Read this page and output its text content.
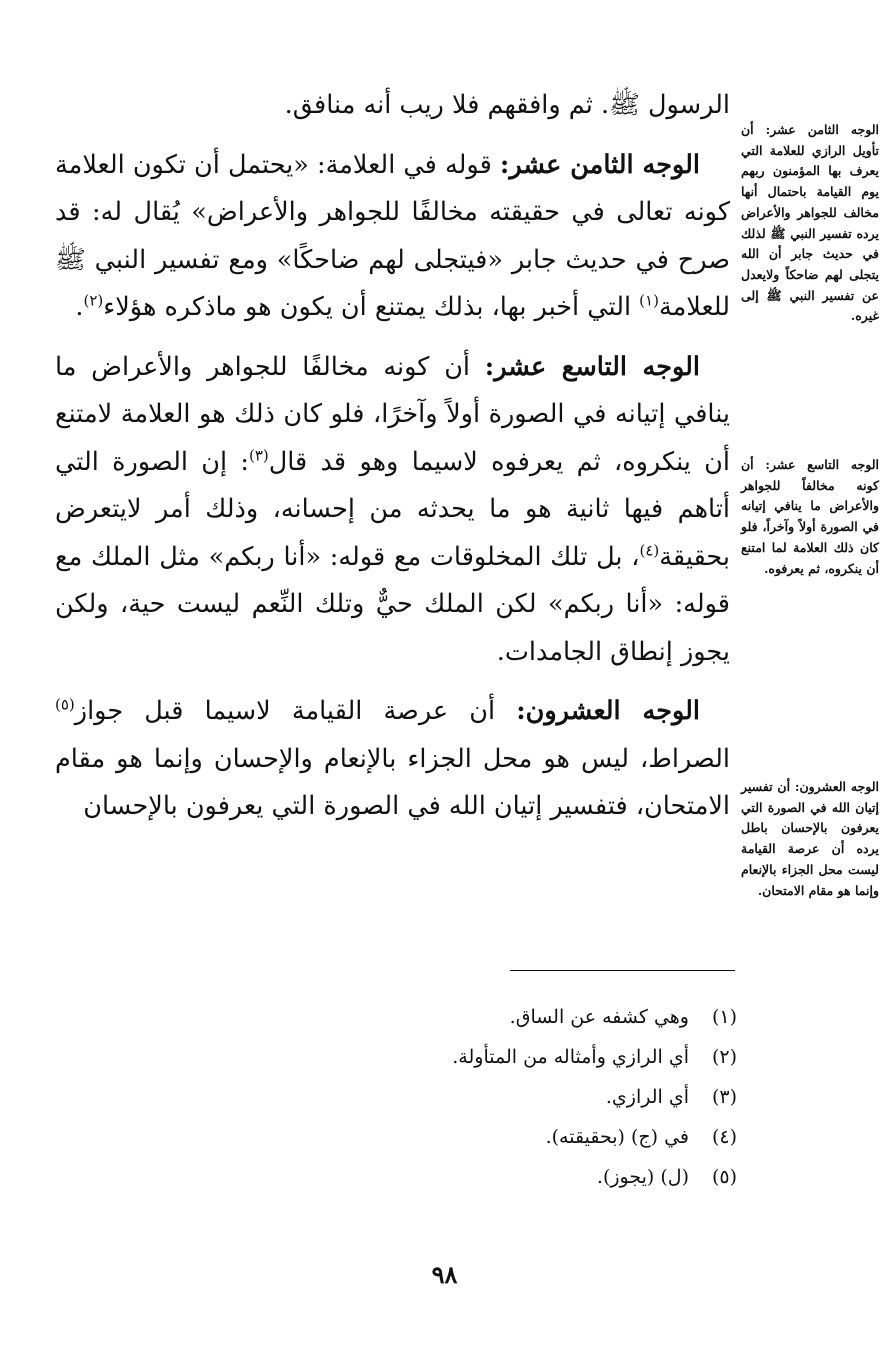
الرسول ﷺ. ثم وافقهم فلا ريب أنه منافق.

الوجه الثامن عشر: قوله في العلامة: «يحتمل أن تكون العلامة كونه تعالى في حقيقته مخالفًا للجواهر والأعراض» يُقال له: قد صرح في حديث جابر «فيتجلى لهم ضاحكًا» ومع تفسير النبي ﷺ للعلامة$^{(١)}$ التي أخبر بها، بذلك يمتنع أن يكون هو ماذكره هؤلاء$^{(٢)}$.

الوجه التاسع عشر: أن كونه مخالفًا للجواهر والأعراض ما ينافي إتيانه في الصورة أولاً وآخرًا، فلو كان ذلك هو العلامة لامتنع أن ينكروه، ثم يعرفوه لاسيما وهو قد قال$^{(٣)}$: إن الصورة التي أتاهم فيها ثانية هو ما يحدثه من إحسانه، وذلك أمر لايتعرض بحقيقة$^{(٤)}$، بل تلك المخلوقات مع قوله: «أنا ربكم» مثل الملك مع قوله: «أنا ربكم» لكن الملك حيٌّ وتلك النِّعم ليست حية، ولكن يجوز إنطاق الجامدات.

الوجه العشرون: أن عرصة القيامة لاسيما قبل جواز$^{(٥)}$ الصراط، ليس هو محل الجزاء بالإنعام والإحسان وإنما هو مقام الامتحان، فتفسير إتيان الله في الصورة التي يعرفون بالإحسان

الوجه الثامن عشر: أن تأويل الرازي للعلامة التي يعرف بها المؤمنون ربهم يوم القيامة باحتمال أنها مخالف للجواهر والأعراض يرده تفسير النبي ﷺ لذلك في حديث جابر أن الله يتجلى لهم ضاحكاً ولايعدل عن تفسير النبي ﷺ إلى غيره.
الوجه التاسع عشر: أن كونه مخالفاً للجواهر والأعراض ما ينافي إتيانه في الصورة أولاً وآخراً، فلو كان ذلك العلامة لما امتنع أن ينكروه، ثم يعرفوه.
الوجه العشرون: أن تفسير إتيان الله في الصورة التي يعرفون بالإحسان باطل يرده أن عرصة القيامة ليست محل الجزاء بالإنعام وإنما هو مقام الامتحان.
(١)
وهي كشفه عن الساق.
(٢)
أي الرازي وأمثاله من المتأولة.
(٣)
أي الرازي.
(٤)
في (ج) (بحقيقته).
(٥)
(ل) (يجوز).
٩٨
